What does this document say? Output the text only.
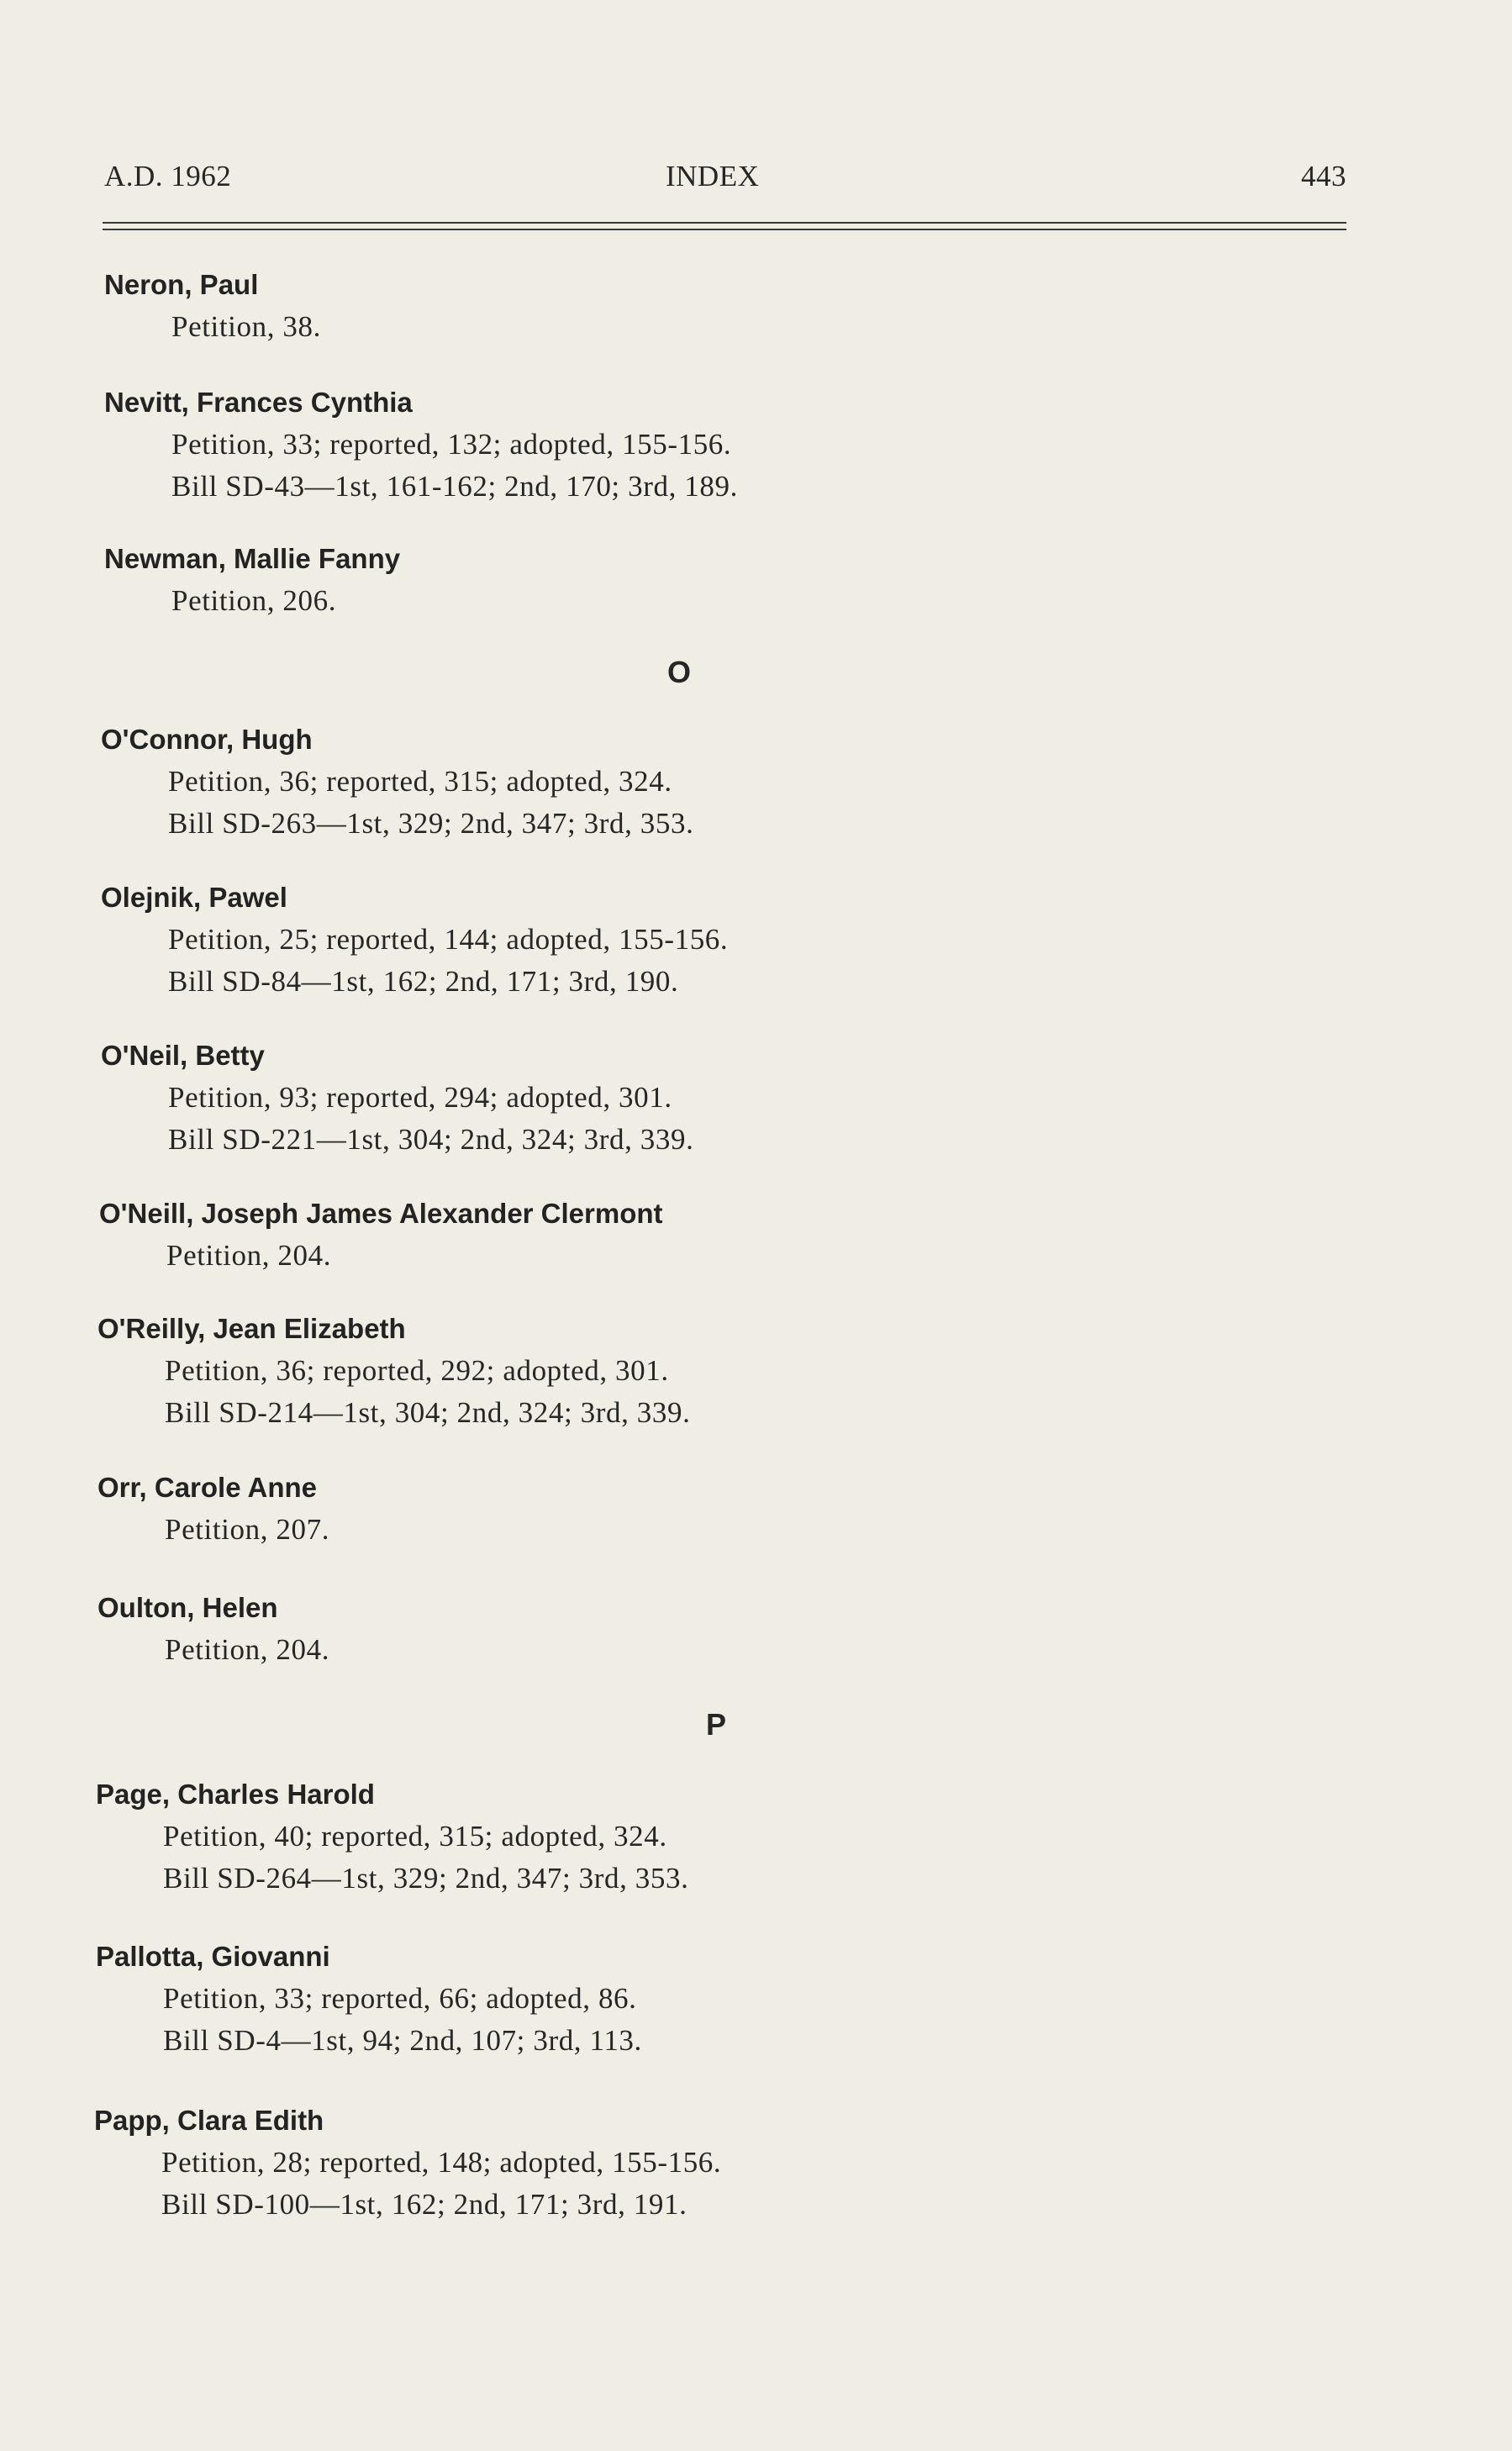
A.D. 1962	INDEX	443
Neron, Paul
Petition, 38.
Nevitt, Frances Cynthia
Petition, 33; reported, 132; adopted, 155-156.
Bill SD-43—1st, 161-162; 2nd, 170; 3rd, 189.
Newman, Mallie Fanny
Petition, 206.
O
O'Connor, Hugh
Petition, 36; reported, 315; adopted, 324.
Bill SD-263—1st, 329; 2nd, 347; 3rd, 353.
Olejnik, Pawel
Petition, 25; reported, 144; adopted, 155-156.
Bill SD-84—1st, 162; 2nd, 171; 3rd, 190.
O'Neil, Betty
Petition, 93; reported, 294; adopted, 301.
Bill SD-221—1st, 304; 2nd, 324; 3rd, 339.
O'Neill, Joseph James Alexander Clermont
Petition, 204.
O'Reilly, Jean Elizabeth
Petition, 36; reported, 292; adopted, 301.
Bill SD-214—1st, 304; 2nd, 324; 3rd, 339.
Orr, Carole Anne
Petition, 207.
Oulton, Helen
Petition, 204.
P
Page, Charles Harold
Petition, 40; reported, 315; adopted, 324.
Bill SD-264—1st, 329; 2nd, 347; 3rd, 353.
Pallotta, Giovanni
Petition, 33; reported, 66; adopted, 86.
Bill SD-4—1st, 94; 2nd, 107; 3rd, 113.
Papp, Clara Edith
Petition, 28; reported, 148; adopted, 155-156.
Bill SD-100—1st, 162; 2nd, 171; 3rd, 191.
